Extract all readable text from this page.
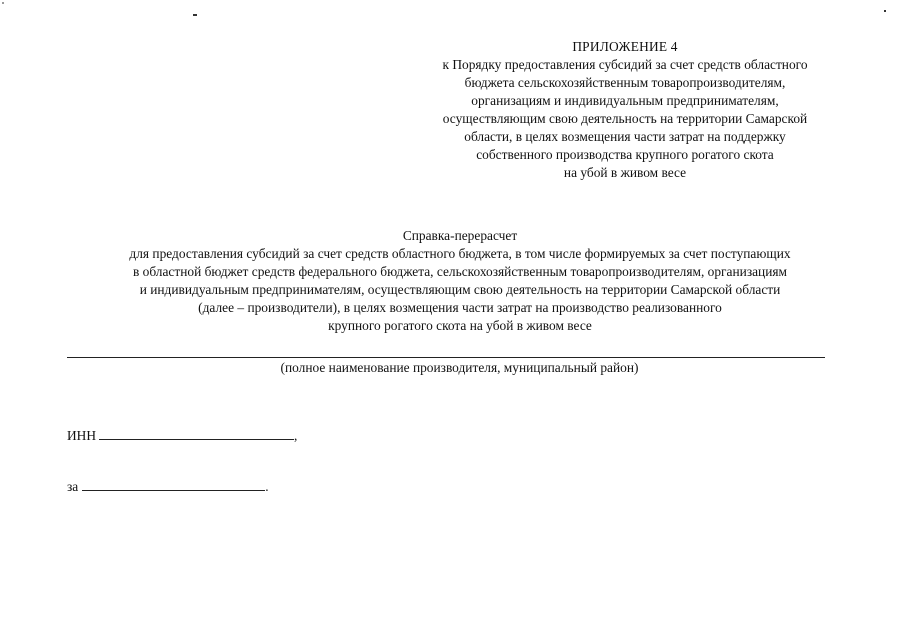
ПРИЛОЖЕНИЕ 4
к Порядку предоставления субсидий за счет средств областного
бюджета сельскохозяйственным товаропроизводителям,
организациям и индивидуальным предпринимателям,
осуществляющим свою деятельность на территории Самарской
области, в целях возмещения части затрат на поддержку
собственного производства крупного рогатого скота
на убой в живом весе
Справка-перерасчет
для предоставления субсидий за счет средств областного бюджета, в том числе формируемых за счет поступающих
в областной бюджет средств федерального бюджета, сельскохозяйственным товаропроизводителям, организациям
и индивидуальным предпринимателям, осуществляющим свою деятельность на территории Самарской области
(далее – производители), в целях возмещения части затрат на производство реализованного
крупного рогатого скота на убой в живом весе
(полное наименование производителя, муниципальный район)
ИНН	,
за	.
